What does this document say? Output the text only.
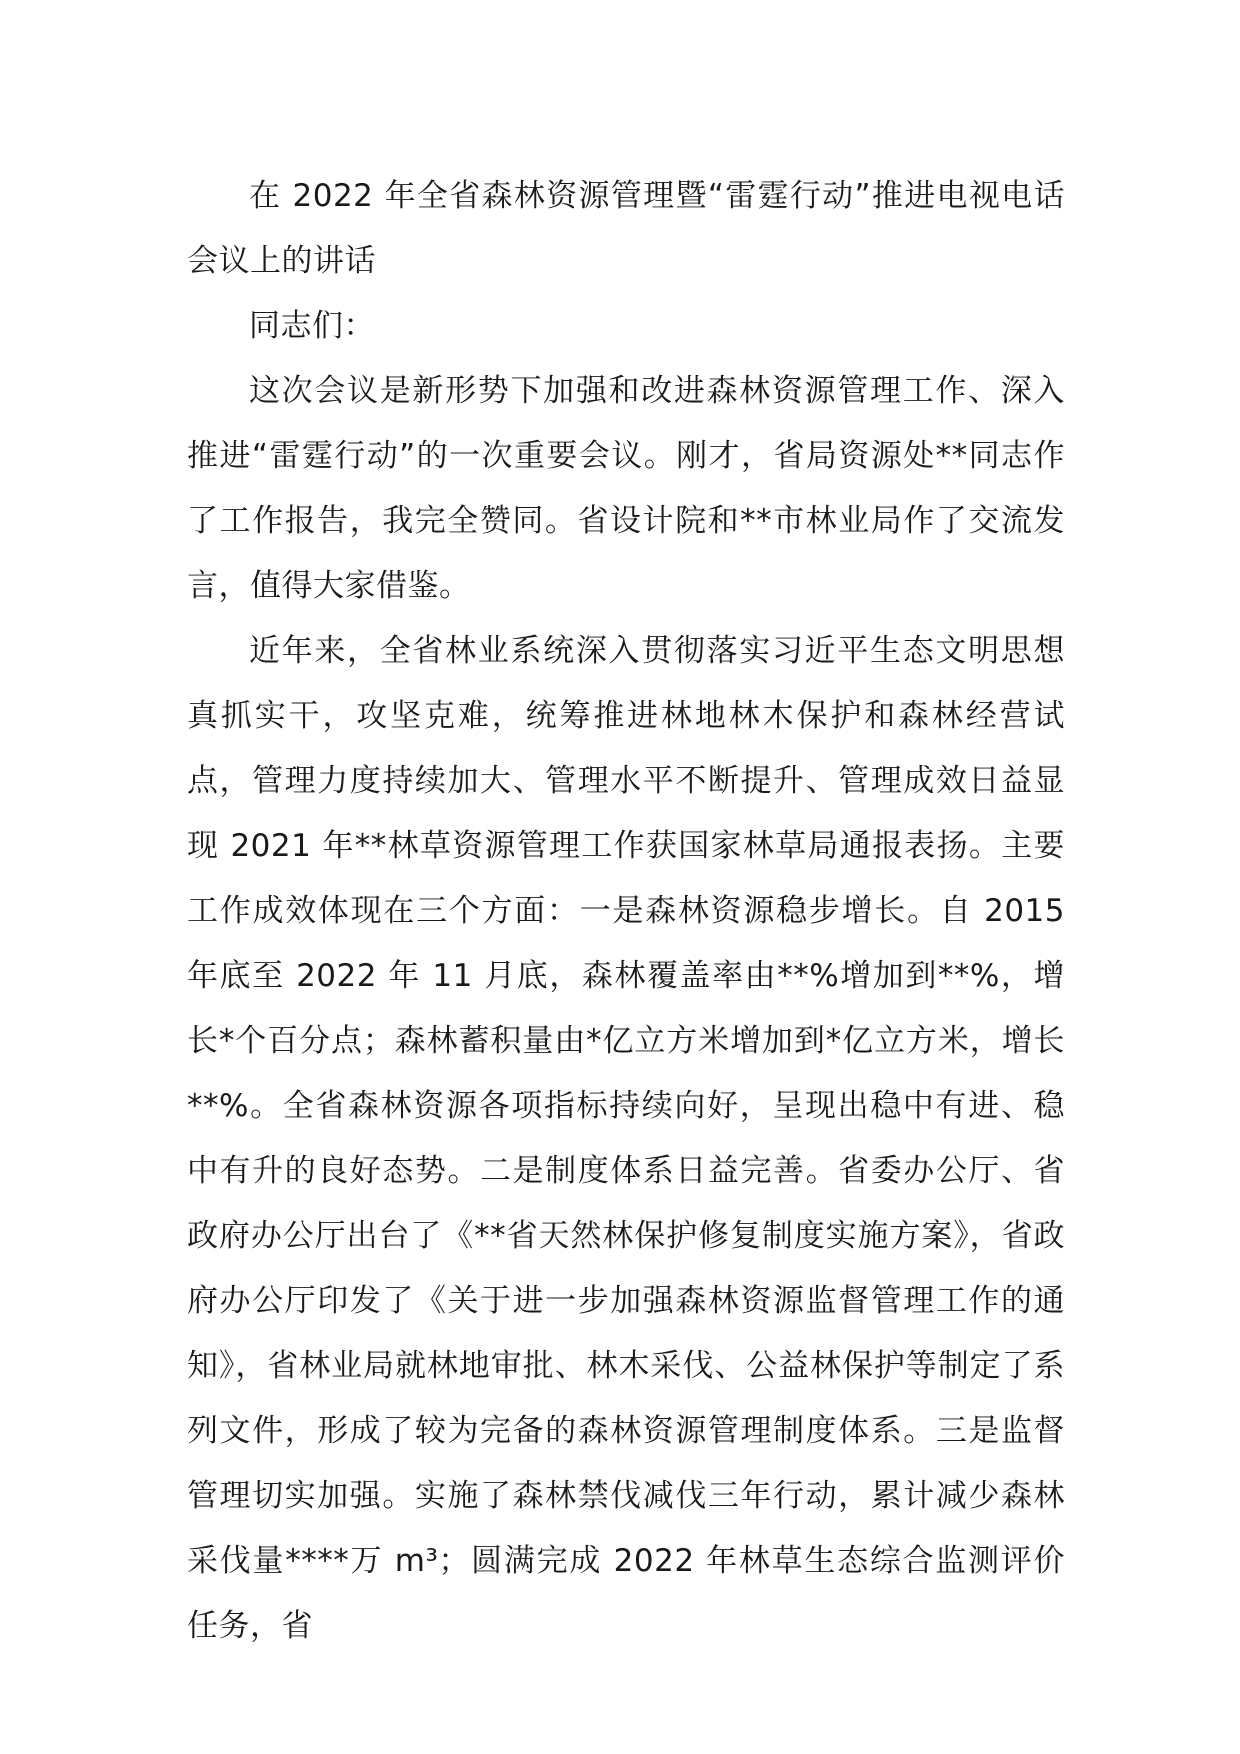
在 2022 年全省森林资源管理暨“雷霆行动”推进电视电话会议上的讲话

同志们：

这次会议是新形势下加强和改进森林资源管理工作、深入推进“雷霆行动”的一次重要会议。刚才，省局资源处**同志作了工作报告，我完全赞同。省设计院和**市林业局作了交流发言，值得大家借鉴。

近年来，全省林业系统深入贯彻落实习近平生态文明思想真抓实干，攻坚克难，统筹推进林地林木保护和森林经营试点，管理力度持续加大、管理水平不断提升、管理成效日益显现 2021 年**林草资源管理工作获国家林草局通报表扬。主要工作成效体现在三个方面：一是森林资源稳步增长。自 2015 年底至 2022 年 11 月底，森林覆盖率由**%增加到**%，增长*个百分点；森林蓄积量由*亿立方米增加到*亿立方米，增长**%。全省森林资源各项指标持续向好，呈现出稳中有进、稳中有升的良好态势。二是制度体系日益完善。省委办公厅、省政府办公厅出台了《**省天然林保护修复制度实施方案》，省政府办公厅印发了《关于进一步加强森林资源监督管理工作的通知》，省林业局就林地审批、林木采伐、公益林保护等制定了系列文件，形成了较为完备的森林资源管理制度体系。三是监督管理切实加强。实施了森林禁伐减伐三年行动，累计减少森林采伐量****万 m³；圆满完成 2022 年林草生态综合监测评价任务，省
